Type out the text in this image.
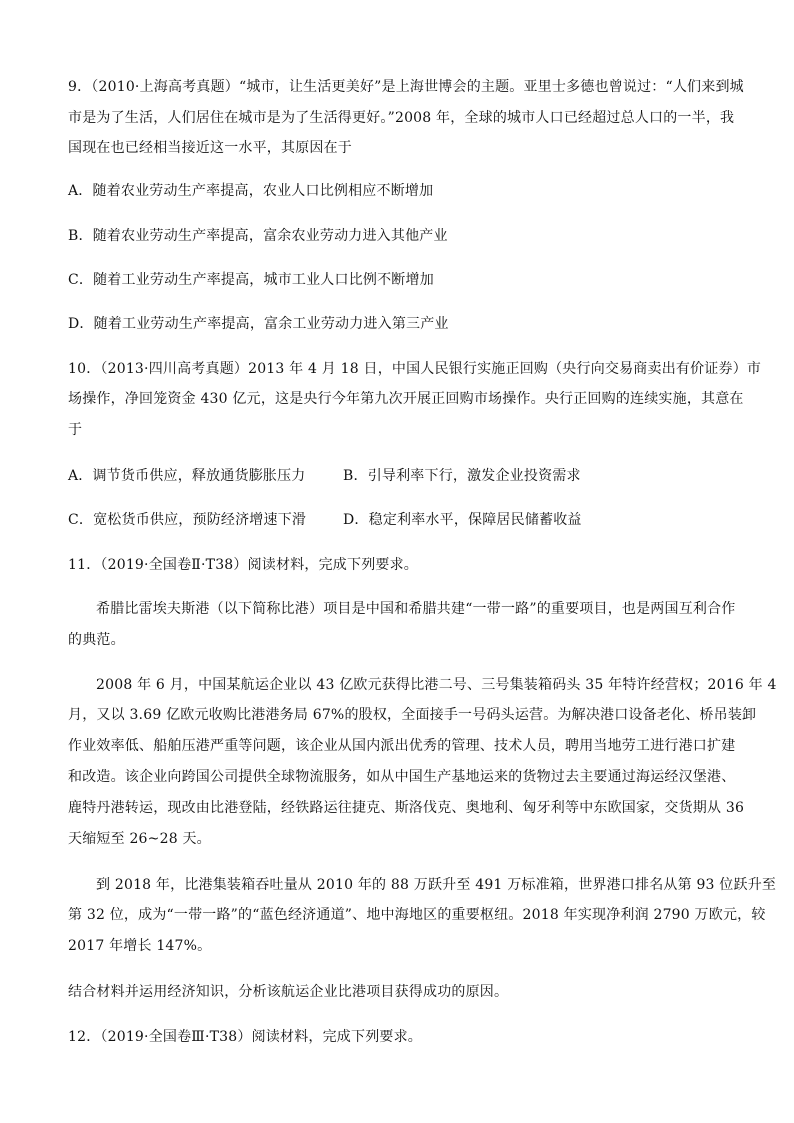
9．（2010·上海高考真题）“城市，让生活更美好”是上海世博会的主题。亚里士多德也曾说过：“人们来到城
市是为了生活，人们居住在城市是为了生活得更好。”2008 年，全球的城市人口已经超过总人口的一半，我
国现在也已经相当接近这一水平，其原因在于
A．随着农业劳动生产率提高，农业人口比例相应不断增加
B．随着农业劳动生产率提高，富余农业劳动力进入其他产业
C．随着工业劳动生产率提高，城市工业人口比例不断增加
D．随着工业劳动生产率提高，富余工业劳动力进入第三产业
10．（2013·四川高考真题）2013 年 4 月 18 日，中国人民银行实施正回购（央行向交易商卖出有价证券）市
场操作，净回笼资金 430 亿元，这是央行今年第九次开展正回购市场操作。央行正回购的连续实施，其意在
于
A．调节货币供应，释放通货膨胀压力	B．引导利率下行，激发企业投资需求
C．宽松货币供应，预防经济增速下滑	D．稳定利率水平，保障居民储蓄收益
11．（2019·全国卷Ⅱ·T38）阅读材料，完成下列要求。
希腊比雷埃夫斯港（以下简称比港）项目是中国和希腊共建“一带一路”的重要项目，也是两国互利合作
的典范。
2008 年 6 月，中国某航运企业以 43 亿欧元获得比港二号、三号集装箱码头 35 年特许经营权；2016 年 4
月，又以 3.69 亿欧元收购比港港务局 67%的股权，全面接手一号码头运营。为解决港口设备老化、桥吊装卸
作业效率低、船舶压港严重等问题，该企业从国内派出优秀的管理、技术人员，聘用当地劳工进行港口扩建
和改造。该企业向跨国公司提供全球物流服务，如从中国生产基地运来的货物过去主要通过海运经汉堡港、
鹿特丹港转运，现改由比港登陆，经铁路运往捷克、斯洛伐克、奥地利、匈牙利等中东欧国家，交货期从 36
天缩短至 26~28 天。
到 2018 年，比港集装箱吞吐量从 2010 年的 88 万跃升至 491 万标准箱，世界港口排名从第 93 位跃升至
第 32 位，成为“一带一路”的“蓝色经济通道”、地中海地区的重要枢纽。2018 年实现净利润 2790 万欧元，较
2017 年增长 147%。
结合材料并运用经济知识，分析该航运企业比港项目获得成功的原因。
12．（2019·全国卷Ⅲ·T38）阅读材料，完成下列要求。
